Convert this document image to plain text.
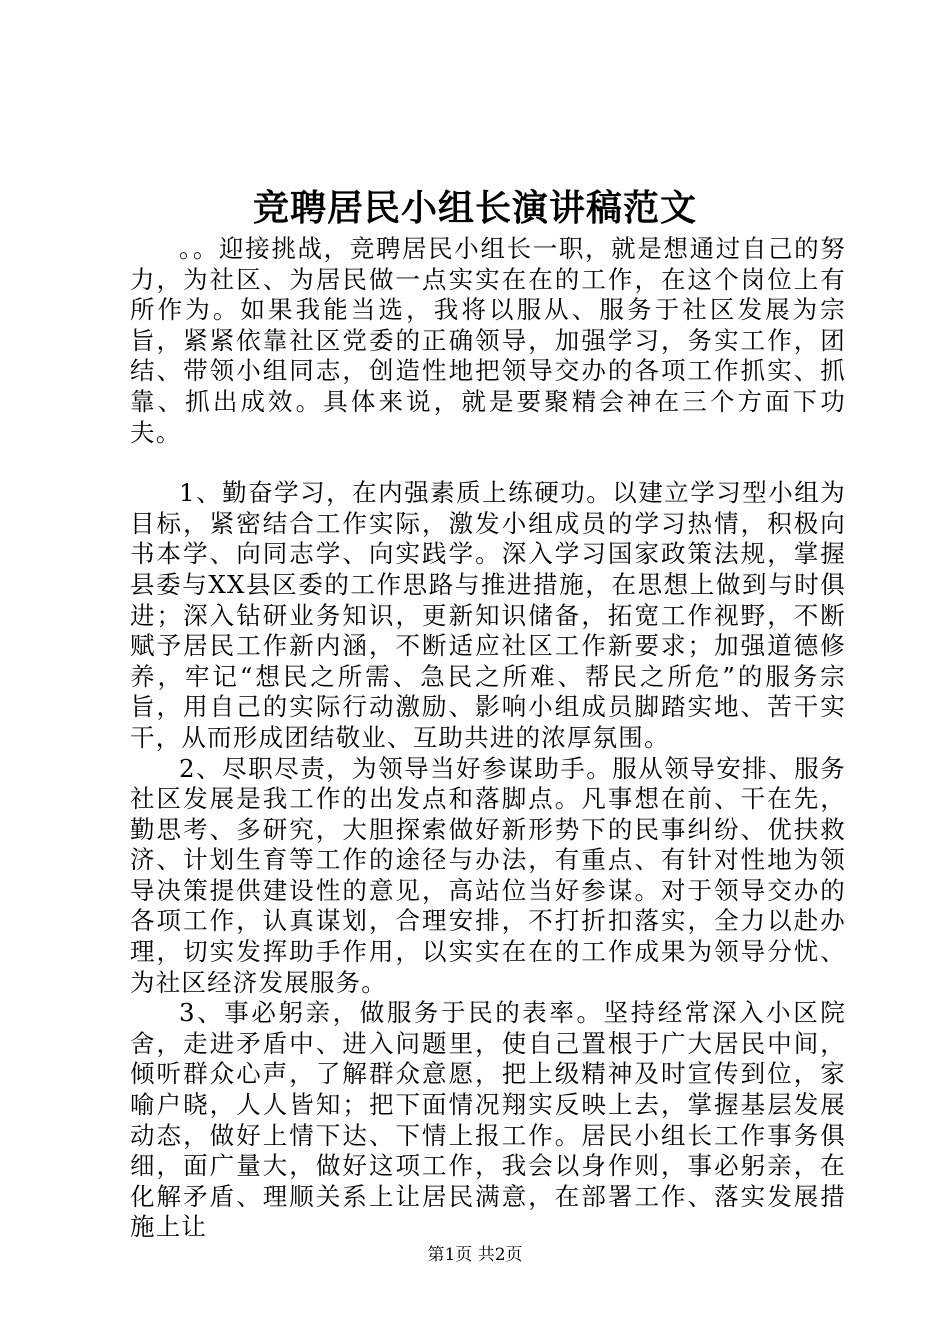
竞聘居民小组长演讲稿范文

。。迎接挑战，竞聘居民小组长一职，就是想通过自己的努力，为社区、为居民做一点实实在在的工作，在这个岗位上有所作为。如果我能当选，我将以服从、服务于社区发展为宗旨，紧紧依靠社区党委的正确领导，加强学习，务实工作，团结、带领小组同志，创造性地把领导交办的各项工作抓实、抓靠、抓出成效。具体来说，就是要聚精会神在三个方面下功夫。

1、勤奋学习，在内强素质上练硬功。以建立学习型小组为目标，紧密结合工作实际，激发小组成员的学习热情，积极向书本学、向同志学、向实践学。深入学习国家政策法规，掌握县委与XX县区委的工作思路与推进措施，在思想上做到与时俱进；深入钻研业务知识，更新知识储备，拓宽工作视野，不断赋予居民工作新内涵，不断适应社区工作新要求；加强道德修养，牢记“想民之所需、急民之所难、帮民之所危”的服务宗旨，用自己的实际行动激励、影响小组成员脚踏实地、苦干实干，从而形成团结敬业、互助共进的浓厚氛围。

2、尽职尽责，为领导当好参谋助手。服从领导安排、服务社区发展是我工作的出发点和落脚点。凡事想在前、干在先，勤思考、多研究，大胆探索做好新形势下的民事纠纷、优扶救济、计划生育等工作的途径与办法，有重点、有针对性地为领导决策提供建设性的意见，高站位当好参谋。对于领导交办的各项工作，认真谋划，合理安排，不打折扣落实，全力以赴办理，切实发挥助手作用，以实实在在的工作成果为领导分忧、为社区经济发展服务。

3、事必躬亲，做服务于民的表率。坚持经常深入小区院舍，走进矛盾中、进入问题里，使自己置根于广大居民中间，倾听群众心声，了解群众意愿，把上级精神及时宣传到位，家喻户晓，人人皆知；把下面情况翔实反映上去，掌握基层发展动态，做好上情下达、下情上报工作。居民小组长工作事务俱细，面广量大，做好这项工作，我会以身作则，事必躬亲，在化解矛盾、理顺关系上让居民满意，在部署工作、落实发展措施上让

第1页 共2页
